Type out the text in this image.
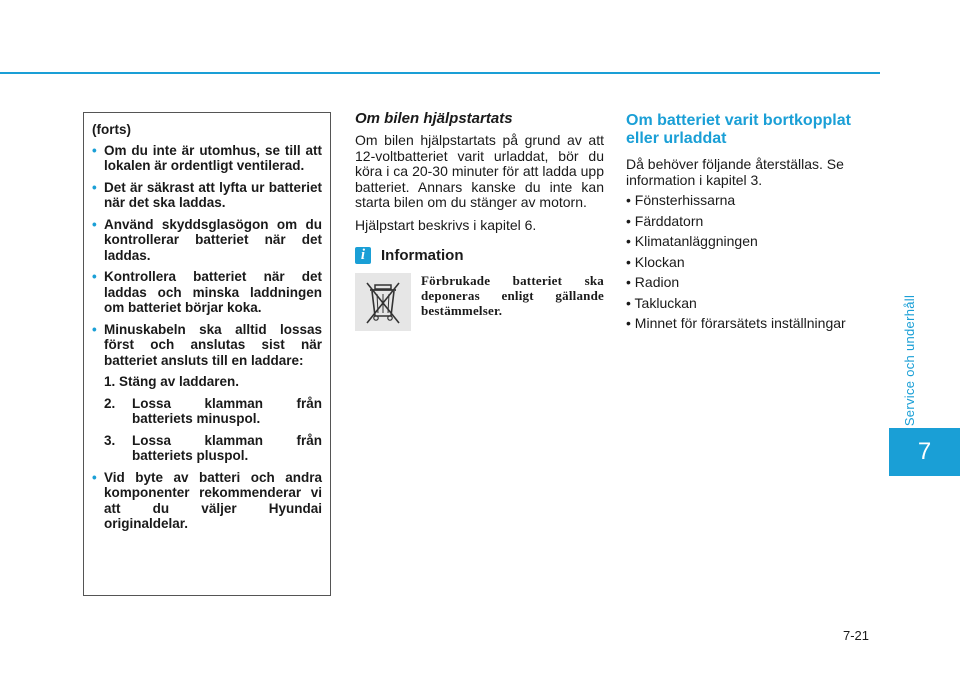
Service och underhåll
7
(forts)
• Om du inte är utomhus, se till att lokalen är ordentligt ventilerad.
• Det är säkrast att lyfta ur batteriet när det ska laddas.
• Använd skyddsglasögon om du kontrollerar batteriet när det laddas.
• Kontrollera batteriet när det laddas och minska laddningen om batteriet börjar koka.
• Minuskabeln ska alltid lossas först och anslutas sist när batteriet ansluts till en laddare:
1. Stäng av laddaren.
2. Lossa klamman från batteriets minuspol.
3. Lossa klamman från batteriets pluspol.
• Vid byte av batteri och andra komponenter rekommenderar vi att du väljer Hyundai originaldelar.
Om bilen hjälpstartats

Om bilen hjälpstartats på grund av att 12-voltbatteriet varit urladdat, bör du köra i ca 20-30 minuter för att ladda upp batteriet. Annars kanske du inte kan starta bilen om du stänger av motorn.

Hjälpstart beskrivs i kapitel 6.

i	Information
Förbrukade batteriet ska deponeras enligt gällande bestämmelser.
Om batteriet varit bortkopplat eller urladdat

Då behöver följande återställas. Se information i kapitel 3.

• Fönsterhissarna
• Färddatorn
• Klimatanläggningen
• Klockan
• Radion
• Takluckan
• Minnet för förarsätets inställningar
7-21
